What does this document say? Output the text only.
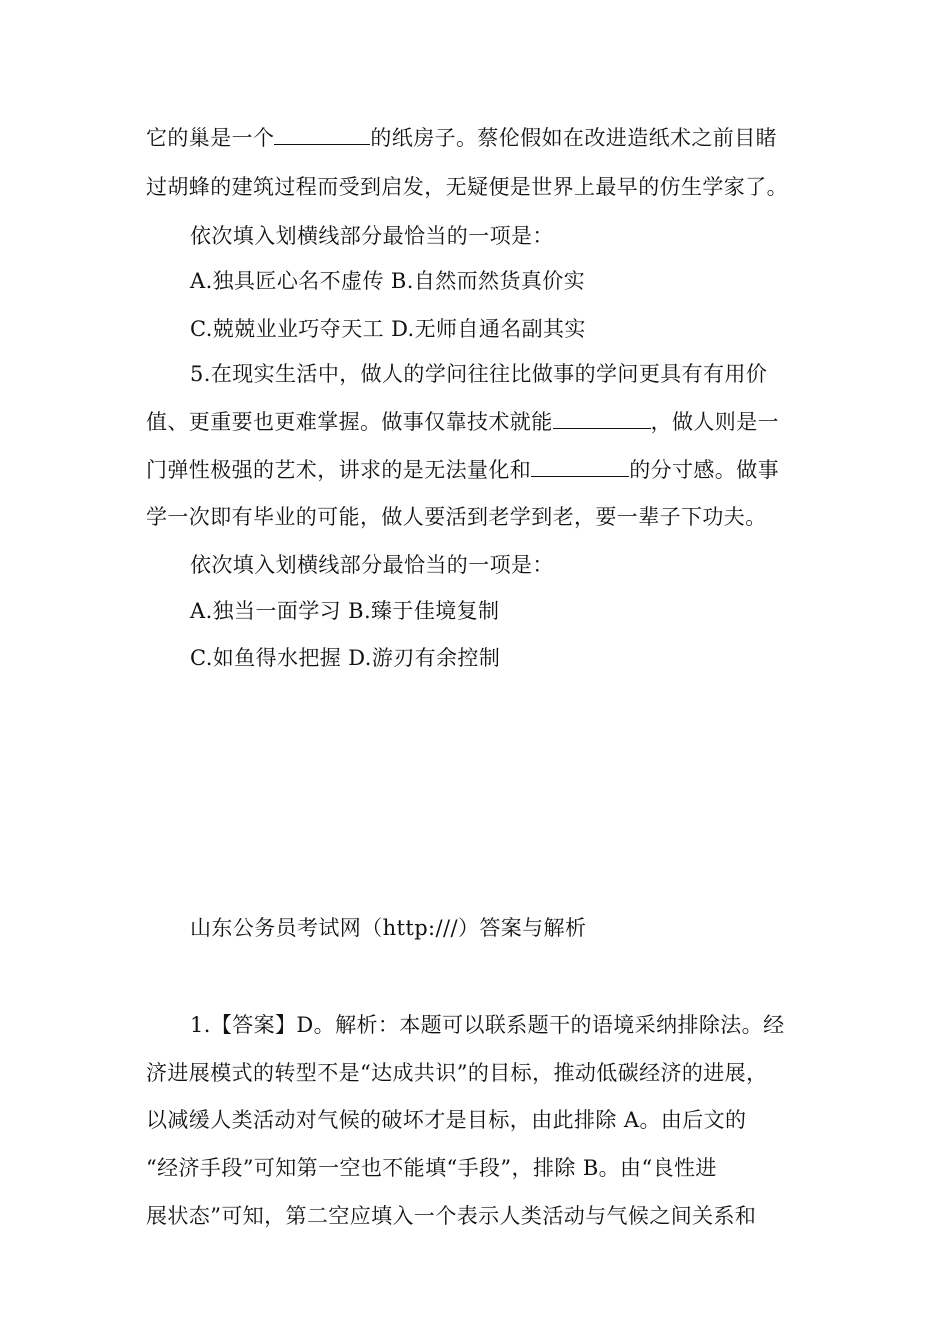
它的巢是一个	的纸房子。蔡伦假如在改进造纸术之前目睹
过胡蜂的建筑过程而受到启发，无疑便是世界上最早的仿生学家了。
依次填入划横线部分最恰当的一项是：
A.独具匠心名不虚传 B.自然而然货真价实
C.兢兢业业巧夺天工 D.无师自通名副其实
5.在现实生活中，做人的学问往往比做事的学问更具有有用价
值、更重要也更难掌握。做事仅靠技术就能	，做人则是一
门弹性极强的艺术，讲求的是无法量化和	的分寸感。做事
学一次即有毕业的可能，做人要活到老学到老，要一辈子下功夫。
依次填入划横线部分最恰当的一项是：
A.独当一面学习 B.臻于佳境复制
C.如鱼得水把握 D.游刃有余控制
山东公务员考试网（http:///）答案与解析
1.【答案】D。解析：本题可以联系题干的语境采纳排除法。经
济进展模式的转型不是“达成共识”的目标，推动低碳经济的进展，
以减缓人类活动对气候的破坏才是目标，由此排除 A。由后文的
“经济手段”可知第一空也不能填“手段”，排除 B。由“良性进
展状态”可知，第二空应填入一个表示人类活动与气候之间关系和
